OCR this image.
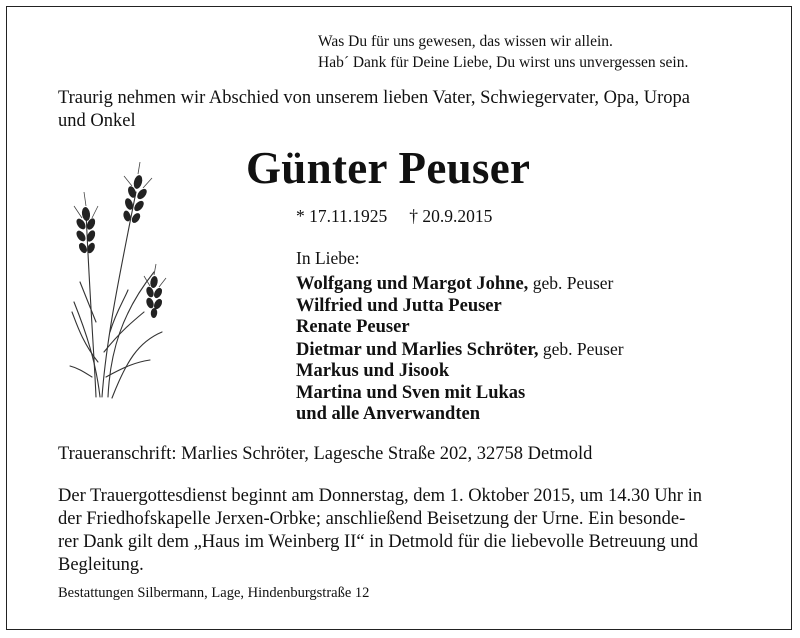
Was Du für uns gewesen, das wissen wir allein.
Hab´ Dank für Deine Liebe, Du wirst uns unvergessen sein.
Traurig nehmen wir Abschied von unserem lieben Vater, Schwiegervater, Opa, Uropa
und Onkel
Günter Peuser
* 17.11.1925 † 20.9.2015
In Liebe:
Wolfgang und Margot Johne, geb. Peuser
Wilfried und Jutta Peuser
Renate Peuser
Dietmar und Marlies Schröter, geb. Peuser
Markus und Jisook
Martina und Sven mit Lukas
und alle Anverwandten
Traueranschrift: Marlies Schröter, Lagesche Straße 202, 32758 Detmold
Der Trauergottesdienst beginnt am Donnerstag, dem 1. Oktober 2015, um 14.30 Uhr in
der Friedhofskapelle Jerxen-Orbke; anschließend Beisetzung der Urne. Ein besonde-
rer Dank gilt dem „Haus im Weinberg II“ in Detmold für die liebevolle Betreuung und
Begleitung.
Bestattungen Silbermann, Lage, Hindenburgstraße 12
